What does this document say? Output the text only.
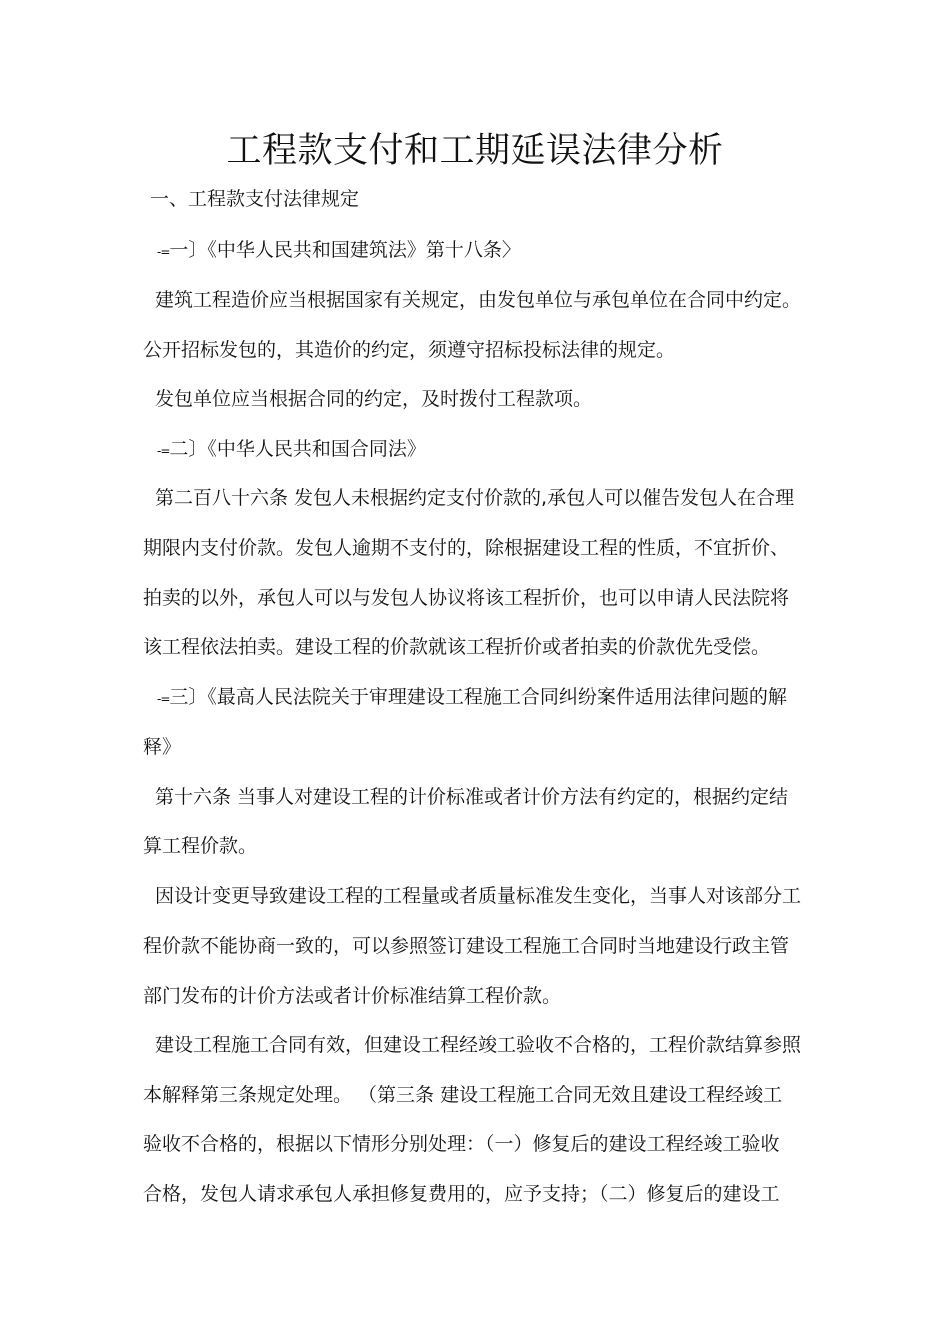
工程款支付和工期延误法律分析
一、工程款支付法律规定
-=一〕《中华人民共和国建筑法》第十八条〉
建筑工程造价应当根据国家有关规定，由发包单位与承包单位在合同中约定。
公开招标发包的，其造价的约定，须遵守招标投标法律的规定。
发包单位应当根据合同的约定，及时拨付工程款项。
-=二〕《中华人民共和国合同法》
第二百八十六条 发包人未根据约定支付价款的,承包人可以催告发包人在合理
期限内支付价款。发包人逾期不支付的，除根据建设工程的性质，不宜折价、
拍卖的以外，承包人可以与发包人协议将该工程折价，也可以申请人民法院将
该工程依法拍卖。建设工程的价款就该工程折价或者拍卖的价款优先受偿。
-=三〕《最高人民法院关于审理建设工程施工合同纠纷案件适用法律问题的解
释》
第十六条 当事人对建设工程的计价标准或者计价方法有约定的，根据约定结
算工程价款。
因设计变更导致建设工程的工程量或者质量标准发生变化，当事人对该部分工
程价款不能协商一致的，可以参照签订建设工程施工合同时当地建设行政主管
部门发布的计价方法或者计价标准结算工程价款。
建设工程施工合同有效，但建设工程经竣工验收不合格的，工程价款结算参照
本解释第三条规定处理。 （第三条 建设工程施工合同无效且建设工程经竣工
验收不合格的，根据以下情形分别处理：（一）修复后的建设工程经竣工验收
合格，发包人请求承包人承担修复费用的，应予支持；（二）修复后的建设工
